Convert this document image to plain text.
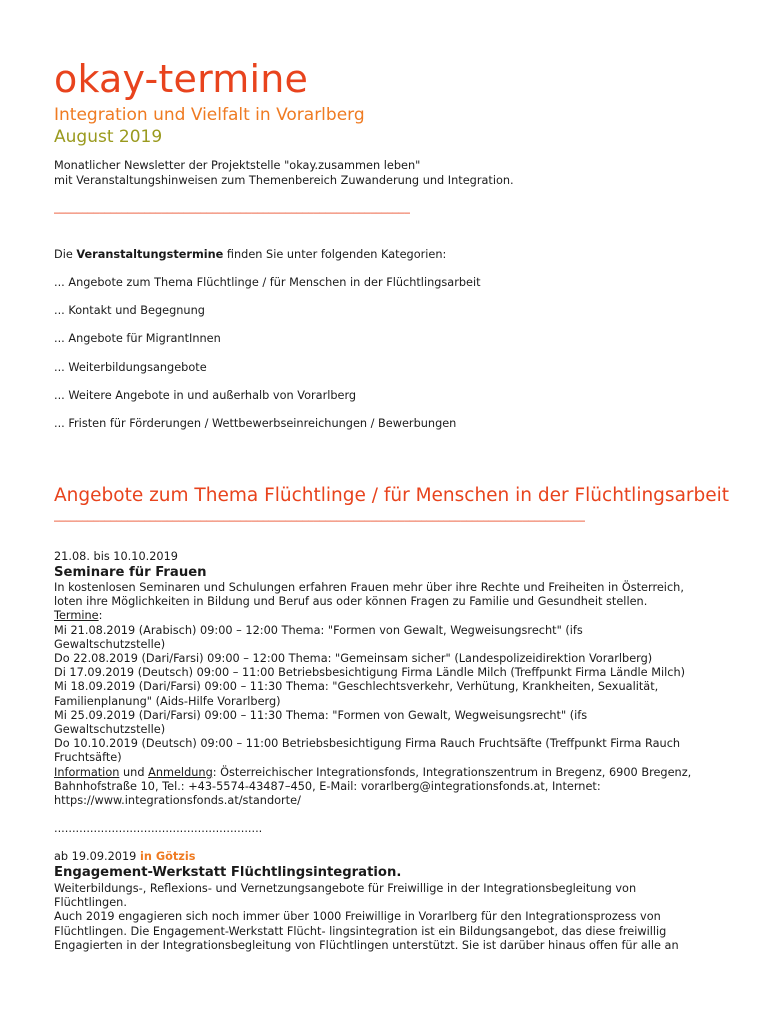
okay-termine
Integration und Vielfalt in Vorarlberg
August 2019
Monatlicher Newsletter der Projektstelle "okay.zusammen leben"
mit Veranstaltungshinweisen zum Themenbereich Zuwanderung und Integration.
_______________________________________________________________
Die Veranstaltungstermine finden Sie unter folgenden Kategorien:
... Angebote zum Thema Flüchtlinge / für Menschen in der Flüchtlingsarbeit
... Kontakt und Begegnung
... Angebote für MigrantInnen
... Weiterbildungsangebote
... Weitere Angebote in und außerhalb von Vorarlberg
... Fristen für Förderungen / Wettbewerbseinreichungen / Bewerbungen
Angebote zum Thema Flüchtlinge / für Menschen in der Flüchtlingsarbeit
______________________________________________________________________________________________
21.08. bis 10.10.2019
Seminare für Frauen
In kostenlosen Seminaren und Schulungen erfahren Frauen mehr über ihre Rechte und Freiheiten in Österreich,
loten ihre Möglichkeiten in Bildung und Beruf aus oder können Fragen zu Familie und Gesundheit stellen.
Termine:
Mi 21.08.2019 (Arabisch) 09:00 – 12:00 Thema: "Formen von Gewalt, Wegweisungsrecht" (ifs
Gewaltschutzstelle)
Do 22.08.2019 (Dari/Farsi) 09:00 – 12:00 Thema: "Gemeinsam sicher" (Landespolizeidirektion Vorarlberg)
Di 17.09.2019 (Deutsch) 09:00 – 11:00 Betriebsbesichtigung Firma Ländle Milch (Treffpunkt Firma Ländle Milch)
Mi 18.09.2019 (Dari/Farsi) 09:00 – 11:30 Thema: "Geschlechtsverkehr, Verhütung, Krankheiten, Sexualität,
Familienplanung" (Aids-Hilfe Vorarlberg)
Mi 25.09.2019 (Dari/Farsi) 09:00 – 11:30 Thema: "Formen von Gewalt, Wegweisungsrecht" (ifs
Gewaltschutzstelle)
Do 10.10.2019 (Deutsch) 09:00 – 11:00 Betriebsbesichtigung Firma Rauch Fruchtsäfte (Treffpunkt Firma Rauch
Fruchtsäfte)
Information und Anmeldung: Österreichischer Integrationsfonds, Integrationszentrum in Bregenz, 6900 Bregenz,
Bahnhofstraße 10, Tel.: +43-5574-43487–450, E-Mail: vorarlberg@integrationsfonds.at, Internet:
https://www.integrationsfonds.at/standorte/
..........................................................
ab 19.09.2019 in Götzis
Engagement-Werkstatt Flüchtlingsintegration.
Weiterbildungs-, Reflexions- und Vernetzungsangebote für Freiwillige in der Integrationsbegleitung von
Flüchtlingen.
Auch 2019 engagieren sich noch immer über 1000 Freiwillige in Vorarlberg für den Integrationsprozess von
Flüchtlingen. Die Engagement-Werkstatt Flücht- lingsintegration ist ein Bildungsangebot, das diese freiwillig
Engagierten in der Integrationsbegleitung von Flüchtlingen unterstützt. Sie ist darüber hinaus offen für alle an
